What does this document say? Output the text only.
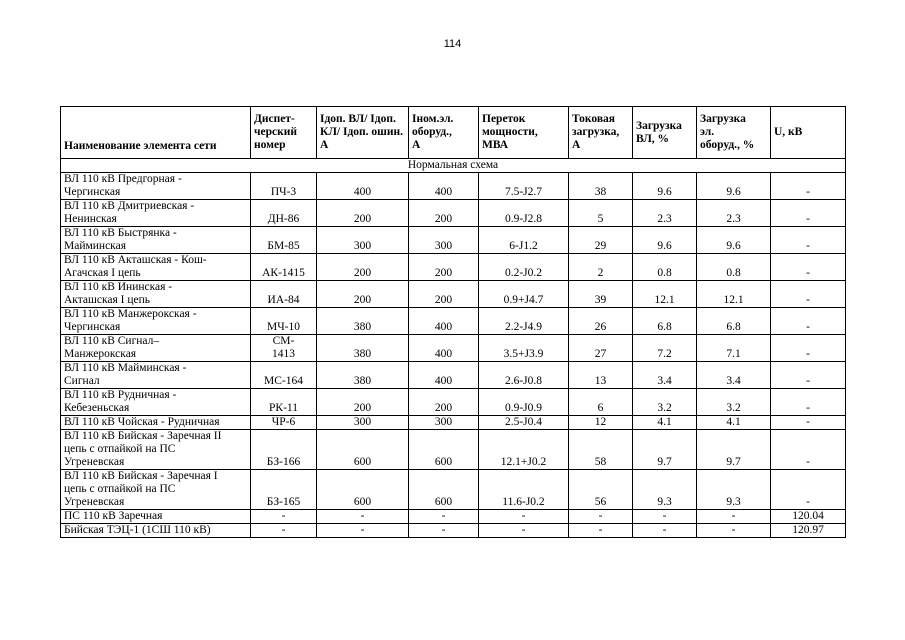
114
Наименование элемента сети	Диспет-
черский
номер	Iдоп. ВЛ/ Iдоп.
КЛ/ Iдоп. ошин.
А	Iном.эл.
оборуд.,
А	Переток
мощности,
МВА	Токовая
загрузка,
А	Загрузка
ВЛ, %	Загрузка
эл.
оборуд., %	U, кВ
Нормальная схема								
ВЛ 110 кВ Предгорная -
Чергинская	ПЧ-3	400	400	7.5-J2.7	38	9.6	9.6	-
ВЛ 110 кВ Дмитриевская -
Ненинская	ДН-86	200	200	0.9-J2.8	5	2.3	2.3	-
ВЛ 110 кВ Быстрянка -
Майминская	БМ-85	300	300	6-J1.2	29	9.6	9.6	-
ВЛ 110 кВ Акташская - Кош-
Агачская I цепь	АК-1415	200	200	0.2-J0.2	2	0.8	0.8	-
ВЛ 110 кВ Ининская -
Акташская I цепь	ИА-84	200	200	0.9+J4.7	39	12.1	12.1	-
ВЛ 110 кВ Манжерокская -
Чергинская	МЧ-10	380	400	2.2-J4.9	26	6.8	6.8	-
ВЛ 110 кВ Сигнал–
Манжерокская	СМ-
1413	380	400	3.5+J3.9	27	7.2	7.1	-
ВЛ 110 кВ Майминская -
Сигнал	МС-164	380	400	2.6-J0.8	13	3.4	3.4	-
ВЛ 110 кВ Рудничная -
Кебезеньская	РК-11	200	200	0.9-J0.9	6	3.2	3.2	-
ВЛ 110 кВ Чойская - Рудничная	ЧР-6	300	300	2.5-J0.4	12	4.1	4.1	-
ВЛ 110 кВ Бийская - Заречная II
цепь с отпайкой на ПС
Угреневская	БЗ-166	600	600	12.1+J0.2	58	9.7	9.7	-
ВЛ 110 кВ Бийская - Заречная I
цепь с отпайкой на ПС
Угреневская	БЗ-165	600	600	11.6-J0.2	56	9.3	9.3	-
ПС 110 кВ Заречная	-	-	-	-	-	-	-	120.04
Бийская ТЭЦ-1 (1СШ 110 кВ)	-	-	-	-	-	-	-	120.97
